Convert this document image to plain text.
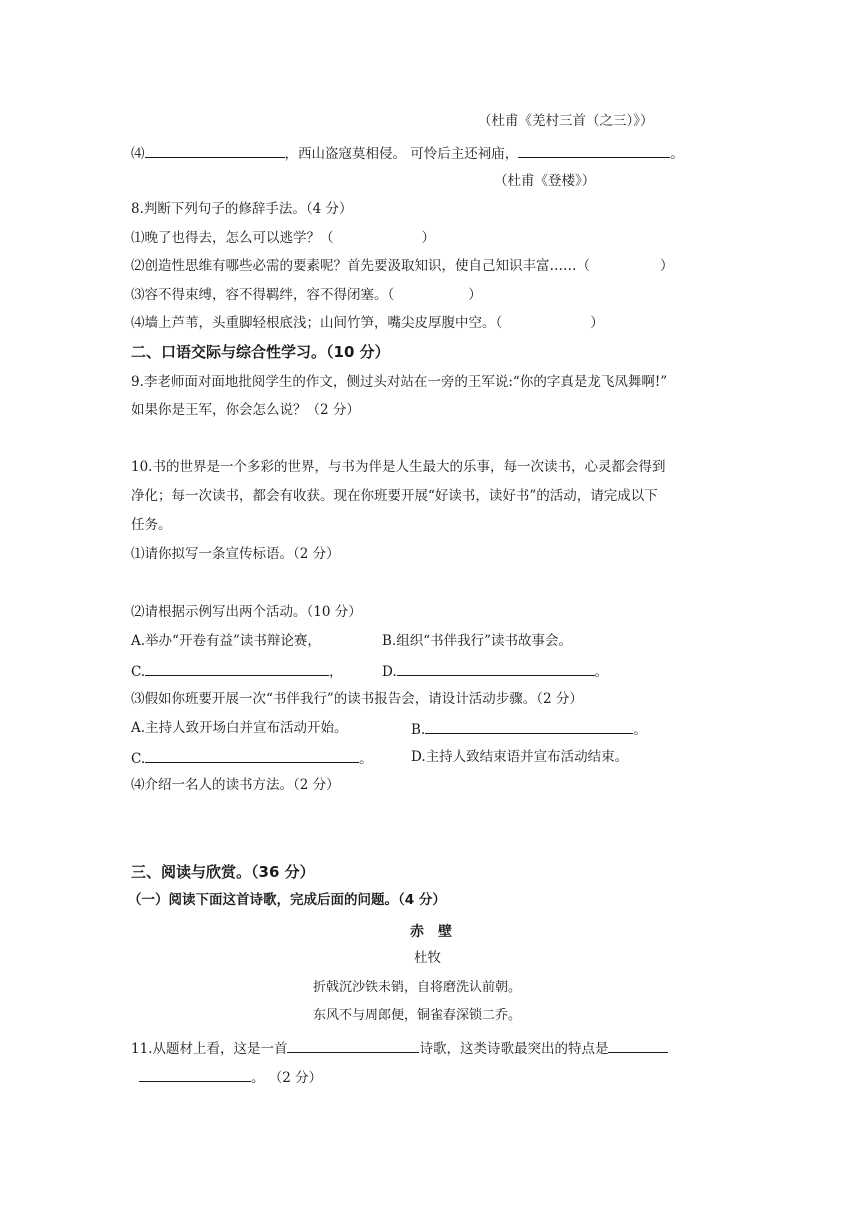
（杜甫《羌村三首（之三）》）
⑷	，西山盗寇莫相侵。 可怜后主还祠庙，	。
（杜甫《登楼》）
8.判断下列句子的修辞手法。（4 分）
⑴晚了也得去，怎么可以逃学？（	）
⑵创造性思维有哪些必需的要素呢？首先要汲取知识，使自己知识丰富……（	）
⑶容不得束缚，容不得羁绊，容不得闭塞。（	）
⑷墙上芦苇，头重脚轻根底浅；山间竹笋，嘴尖皮厚腹中空。（	）
二、口语交际与综合性学习。（10 分）
9.李老师面对面地批阅学生的作文，侧过头对站在一旁的王军说:“你的字真是龙飞凤舞啊!”
如果你是王军，你会怎么说？（2 分）
10.书的世界是一个多彩的世界，与书为伴是人生最大的乐事，每一次读书，心灵都会得到
净化；每一次读书，都会有收获。现在你班要开展“好读书，读好书”的活动，请完成以下
任务。
⑴请你拟写一条宣传标语。（2 分）
⑵请根据示例写出两个活动。（10 分）
A.举办“开卷有益”读书辩论赛，	B.组织“书伴我行”读书故事会。
C.	，	D.	。
⑶假如你班要开展一次“书伴我行”的读书报告会，请设计活动步骤。（2 分）
A.主持人致开场白并宣布活动开始。	B.	。
C.	。	D.主持人致结束语并宣布活动结束。
⑷介绍一名人的读书方法。（2 分）
三、阅读与欣赏。（36 分）
（一）阅读下面这首诗歌，完成后面的问题。（4 分）
赤壁
杜牧
折戟沉沙铁未销，自将磨洗认前朝。
东风不与周郎便，铜雀春深锁二乔。
11.从题材上看，这是一首	诗歌，这类诗歌最突出的特点是
。 （2 分）
